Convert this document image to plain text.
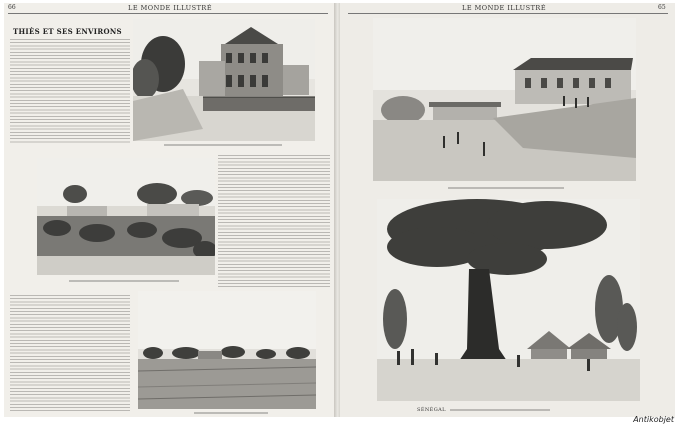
66	LE MONDE ILLUSTRÉ
THIÈS ET SES ENVIRONS
LE MONDE ILLUSTRÉ	65
SÉNÉGAL
Antikobjet
